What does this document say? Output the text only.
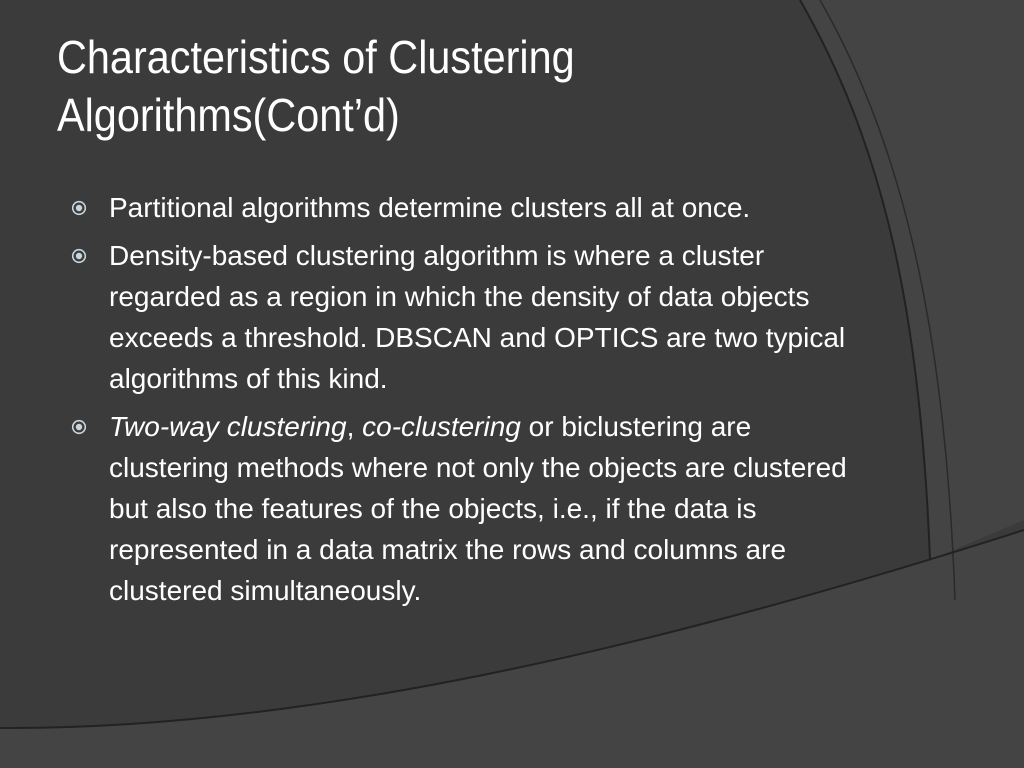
Characteristics of Clustering
Algorithms(Cont’d)
Partitional algorithms determine clusters all at once.
Density-based clustering algorithm is where a cluster regarded as a region in which the density of data objects exceeds a threshold. DBSCAN and OPTICS are two typical algorithms of this kind.
Two-way clustering, co-clustering or biclustering are clustering methods where not only the objects are clustered but also the features of the objects, i.e., if the data is represented in a data matrix the rows and columns are clustered simultaneously.
